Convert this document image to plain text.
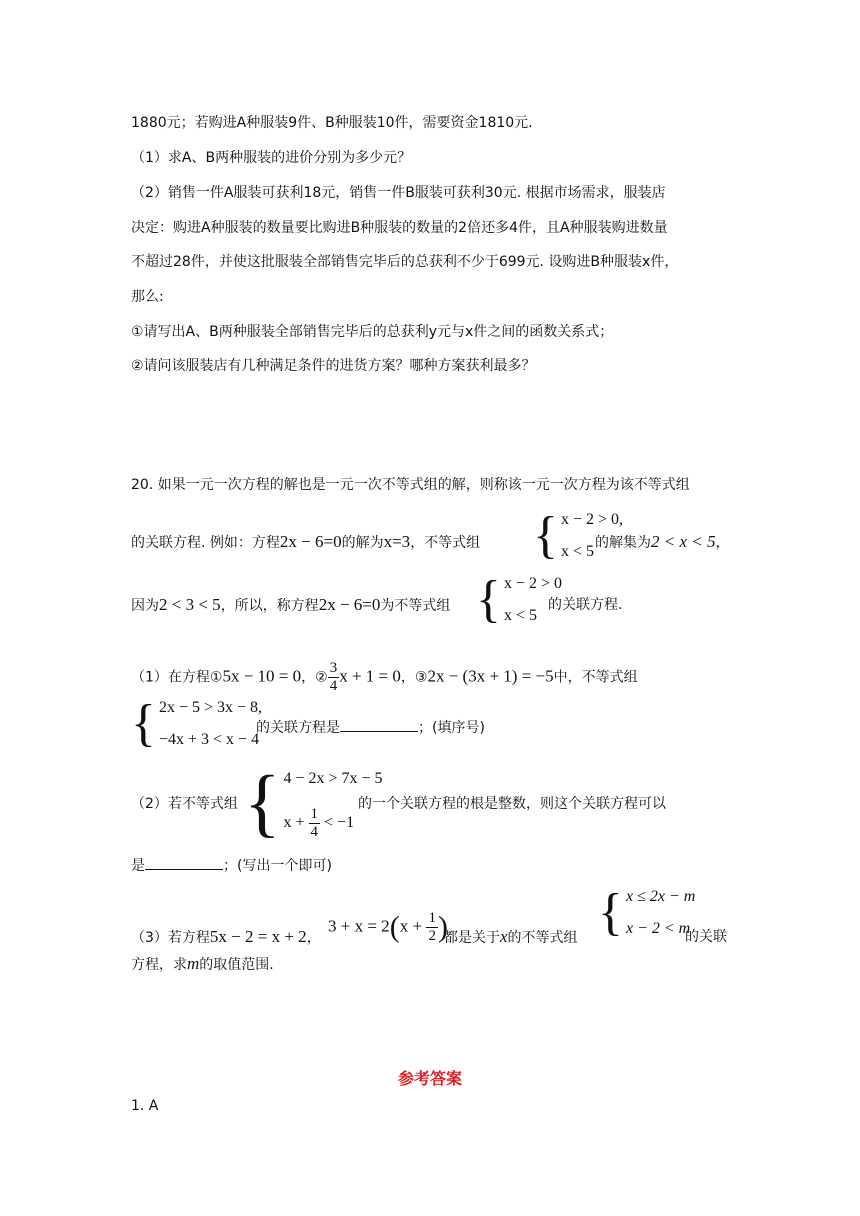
1880元；若购进A种服装9件、B种服装10件，需要资金1810元.
（1）求A、B两种服装的进价分别为多少元？
（2）销售一件A服装可获利18元，销售一件B服装可获利30元. 根据市场需求，服装店
决定：购进A种服装的数量要比购进B种服装的数量的2倍还多4件，且A种服装购进数量
不超过28件，并使这批服装全部销售完毕后的总获利不少于699元. 设购进B种服装x件，
那么:
①请写出A、B两种服装全部销售完毕后的总获利y元与x件之间的函数关系式；
②请问该服装店有几种满足条件的进货方案？哪种方案获利最多？
20. 如果一元一次方程的解也是一元一次不等式组的解，则称该一元一次方程为该不等式组
的关联方程. 例如：方程2x − 6=0的解为x=3，不等式组 { x − 2 > 0,
x < 5 的解集为2 < x < 5，
因为2 < 3 < 5，所以，称方程2x − 6=0为不等式组 { x − 2 > 0
x < 5
的关联方程.
（1）在方程①5x − 10 = 0，② $\frac{3}{4}$ x + 1 = 0，③2x − (3x + 1) = −5中，不等式组
{ 2x − 5 > 3x − 8,
−4x + 3 < x − 4
的关联方程是	；(填序号)
（2）若不等式组 { 4 − 2x > 7x − 5
$x + \frac{1}{4} < -1$
的一个关联方程的根是整数，则这个关联方程可以
是	；(写出一个即可)
（3）若方程5x − 2 = x + 2，
$3 + x = 2(x + \frac{1}{2}$ )
都是关于x的不等式组 { x ≤ 2x − m
x − 2 < m
的关联
方程，求m的取值范围.
参考答案
1. A
